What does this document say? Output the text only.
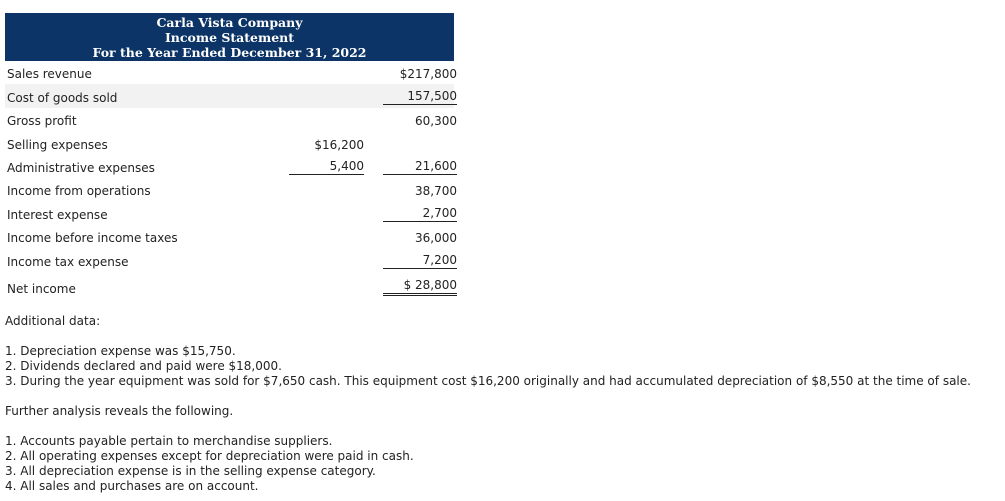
Carla Vista Company
Income Statement
For the Year Ended December 31, 2022
Sales revenue	$217,800
Cost of goods sold	157,500
Gross profit	60,300
Selling expenses	$16,200
Administrative expenses	5,400	21,600
Income from operations	38,700
Interest expense	2,700
Income before income taxes	36,000
Income tax expense	7,200
Net income	$ 28,800

Additional data:

1. Depreciation expense was $15,750.
2. Dividends declared and paid were $18,000.
3. During the year equipment was sold for $7,650 cash. This equipment cost $16,200 originally and had accumulated depreciation of $8,550 at the time of sale.

Further analysis reveals the following.

1. Accounts payable pertain to merchandise suppliers.
2. All operating expenses except for depreciation were paid in cash.
3. All depreciation expense is in the selling expense category.
4. All sales and purchases are on account.
